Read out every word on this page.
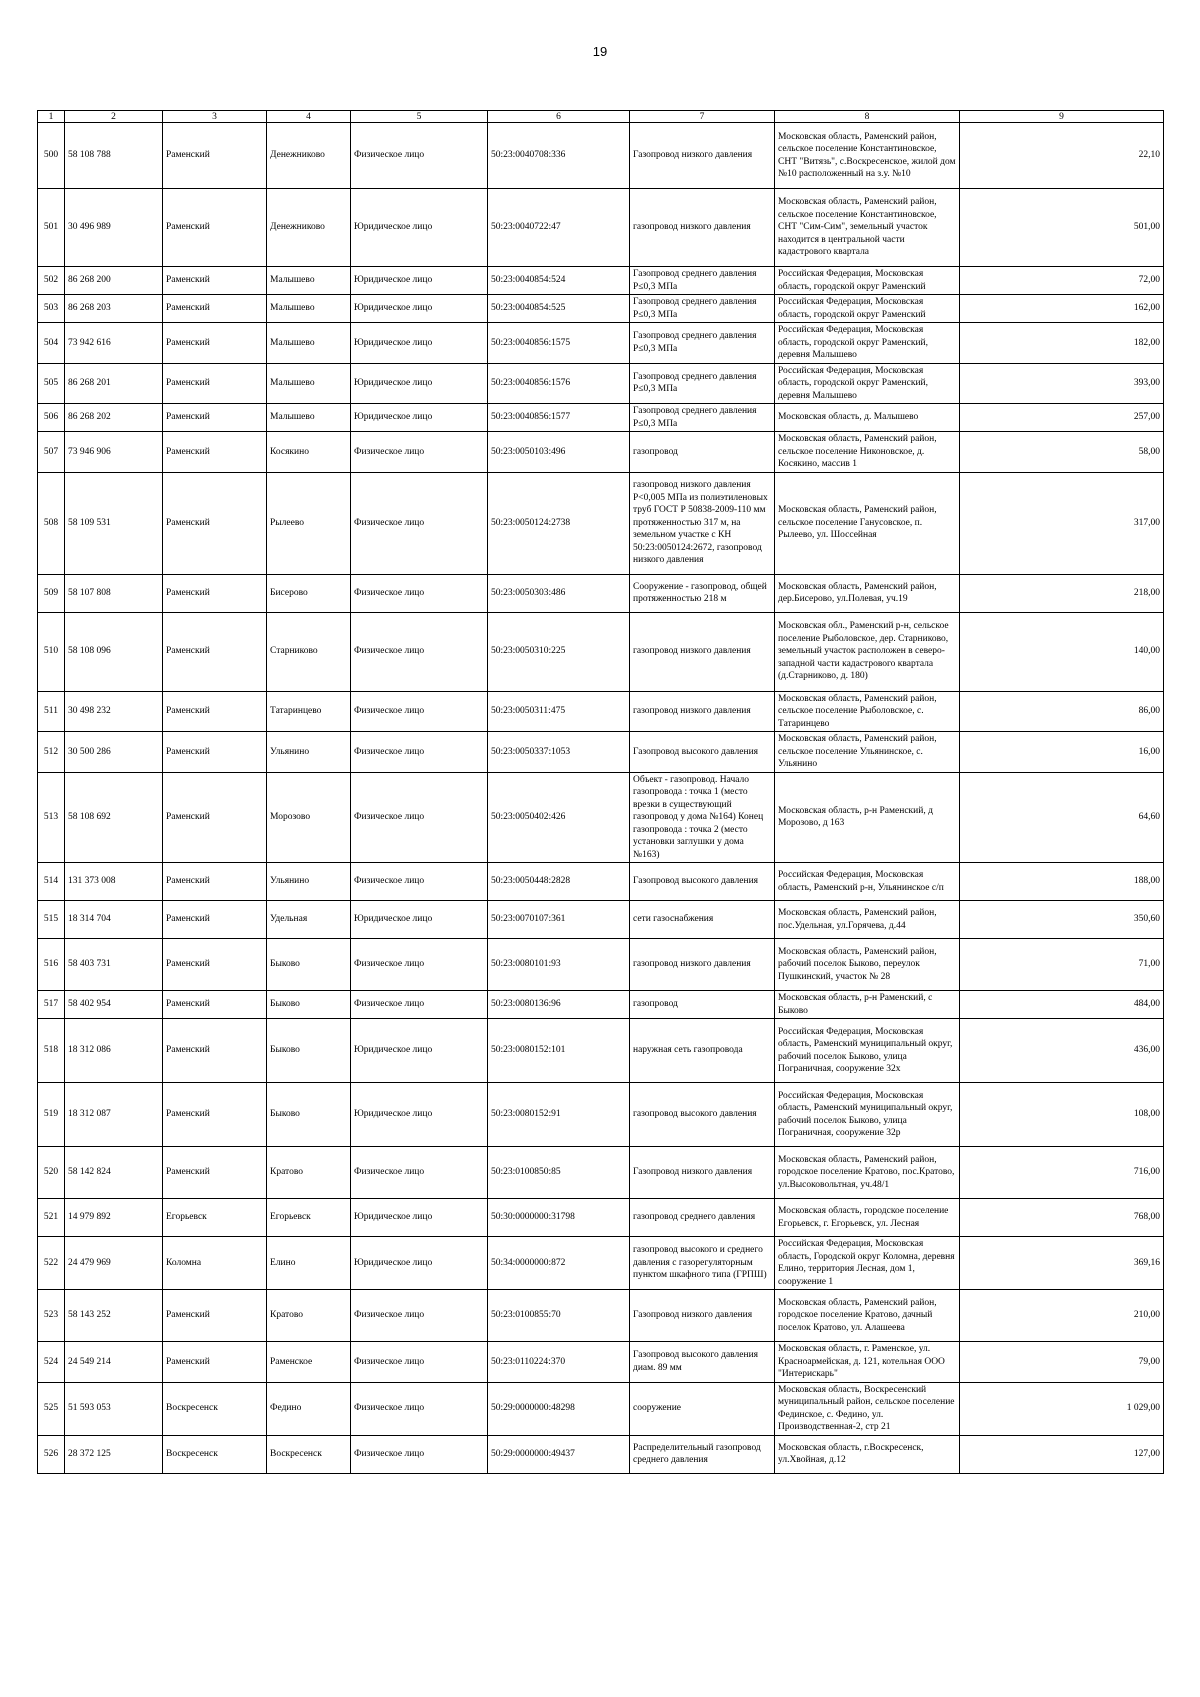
19
1	2	3	4	5	6	7	8	9
500	58 108 788	Раменский	Денежниково	Физическое лицо	50:23:0040708:336	Газопровод низкого давления	Московская область, Раменский район, сельское поселение Константиновское, СНТ "Витязь", с.Воскресенское, жилой дом №10 расположенный на з.у. №10	22,10
501	30 496 989	Раменский	Денежниково	Юридическое лицо	50:23:0040722:47	газопровод низкого давления	Московская область, Раменский район, сельское поселение Константиновское, СНТ "Сим-Сим", земельный участок находится в центральной части кадастрового квартала	501,00
502	86 268 200	Раменский	Малышево	Юридическое лицо	50:23:0040854:524	Газопровод среднего давления P≤0,3 МПа	Российская Федерация, Московская область, городской округ Раменский	72,00
503	86 268 203	Раменский	Малышево	Юридическое лицо	50:23:0040854:525	Газопровод среднего давления P≤0,3 МПа	Российская Федерация, Московская область, городской округ Раменский	162,00
504	73 942 616	Раменский	Малышево	Юридическое лицо	50:23:0040856:1575	Газопровод среднего давления P≤0,3 МПа	Российская Федерация, Московская область, городской округ Раменский, деревня Малышево	182,00
505	86 268 201	Раменский	Малышево	Юридическое лицо	50:23:0040856:1576	Газопровод среднего давления P≤0,3 МПа	Российская Федерация, Московская область, городской округ Раменский, деревня Малышево	393,00
506	86 268 202	Раменский	Малышево	Юридическое лицо	50:23:0040856:1577	Газопровод среднего давления P≤0,3 МПа	Московская область, д. Малышево	257,00
507	73 946 906	Раменский	Косякино	Физическое лицо	50:23:0050103:496	газопровод	Московская область, Раменский район, сельское поселение Никоновское, д. Косякино, массив 1	58,00
508	58 109 531	Раменский	Рылеево	Физическое лицо	50:23:0050124:2738	газопровод низкого давления P<0,005 МПа из полиэтиленовых труб ГОСТ Р 50838-2009-110 мм протяженностью 317 м, на земельном участке с КН 50:23:0050124:2672, газопровод низкого давления	Московская область, Раменский район, сельское поселение Ганусовское, п. Рылеево, ул. Шоссейная	317,00
509	58 107 808	Раменский	Бисерово	Физическое лицо	50:23:0050303:486	Сооружение - газопровод, общей протяженностью 218 м	Московская область, Раменский район, дер.Бисерово, ул.Полевая, уч.19	218,00
510	58 108 096	Раменский	Старниково	Физическое лицо	50:23:0050310:225	газопровод низкого давления	Московская обл., Раменский р-н, сельское поселение Рыболовское, дер. Старниково, земельный участок расположен в северо-западной части кадастрового квартала (д.Старниково, д. 180)	140,00
511	30 498 232	Раменский	Татаринцево	Физическое лицо	50:23:0050311:475	газопровод низкого давления	Московская область, Раменский район, сельское поселение Рыболовское, с. Татаринцево	86,00
512	30 500 286	Раменский	Ульянино	Физическое лицо	50:23:0050337:1053	Газопровод высокого давления	Московская область, Раменский район, сельское поселение Ульянинское, с. Ульянино	16,00
513	58 108 692	Раменский	Морозово	Физическое лицо	50:23:0050402:426	Объект - газопровод. Начало газопровода : точка 1 (место врезки в существующий газопровод у дома №164) Конец газопровода : точка 2 (место установки заглушки у дома №163)	Московская область, р-н Раменский, д Морозово, д 163	64,60
514	131 373 008	Раменский	Ульянино	Физическое лицо	50:23:0050448:2828	Газопровод высокого давления	Российская Федерация, Московская область, Раменский р-н, Ульянинское с/п	188,00
515	18 314 704	Раменский	Удельная	Юридическое лицо	50:23:0070107:361	сети газоснабжения	Московская область, Раменский район, пос.Удельная, ул.Горячева, д.44	350,60
516	58 403 731	Раменский	Быково	Физическое лицо	50:23:0080101:93	газопровод низкого давления	Московская область, Раменский район, рабочий поселок Быково, переулок Пушкинский, участок № 28	71,00
517	58 402 954	Раменский	Быково	Физическое лицо	50:23:0080136:96	газопровод	Московская область, р-н Раменский, с Быково	484,00
518	18 312 086	Раменский	Быково	Юридическое лицо	50:23:0080152:101	наружная сеть газопровода	Российская Федерация, Московская область, Раменский муниципальный округ, рабочий поселок Быково, улица Пограничная, сооружение 32х	436,00
519	18 312 087	Раменский	Быково	Юридическое лицо	50:23:0080152:91	газопровод высокого давления	Российская Федерация, Московская область, Раменский муниципальный округ, рабочий поселок Быково, улица Пограничная, сооружение 32р	108,00
520	58 142 824	Раменский	Кратово	Физическое лицо	50:23:0100850:85	Газопровод низкого давления	Московская область, Раменский район, городское поселение Кратово, пос.Кратово, ул.Высоковольтная, уч.48/1	716,00
521	14 979 892	Егорьевск	Егорьевск	Юридическое лицо	50:30:0000000:31798	газопровод среднего давления	Московская область, городское поселение Егорьевск, г. Егорьевск, ул. Лесная	768,00
522	24 479 969	Коломна	Елино	Юридическое лицо	50:34:0000000:872	газопровод высокого и среднего давления с газорегуляторным пунктом шкафного типа (ГРПШ)	Российская Федерация, Московская область, Городской округ Коломна, деревня Елино, территория Лесная, дом 1, сооружение 1	369,16
523	58 143 252	Раменский	Кратово	Физическое лицо	50:23:0100855:70	Газопровод низкого давления	Московская область, Раменский район, городское поселение Кратово, дачный поселок Кратово, ул. Алашеева	210,00
524	24 549 214	Раменский	Раменское	Физическое лицо	50:23:0110224:370	Газопровод высокого давления диам. 89 мм	Московская область, г. Раменское, ул. Красноармейская, д. 121, котельная ООО "Интерискарь"	79,00
525	51 593 053	Воскресенск	Федино	Физическое лицо	50:29:0000000:48298	сооружение	Московская область, Воскресенский муниципальный район, сельское поселение Фединское, с. Федино, ул. Производственная-2, стр 21	1 029,00
526	28 372 125	Воскресенск	Воскресенск	Физическое лицо	50:29:0000000:49437	Распределительный газопровод среднего давления	Московская область, г.Воскресенск, ул.Хвойная, д.12	127,00
